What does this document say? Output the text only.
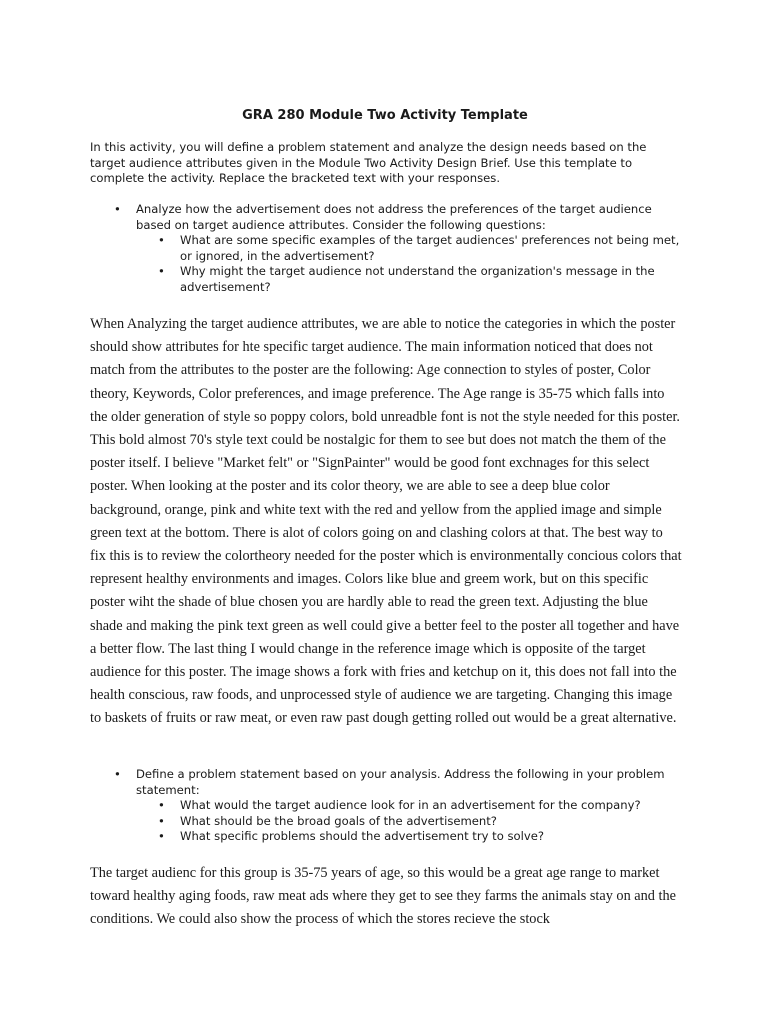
GRA 280 Module Two Activity Template

In this activity, you will define a problem statement and analyze the design needs based on the target audience attributes given in the Module Two Activity Design Brief. Use this template to complete the activity. Replace the bracketed text with your responses.

• Analyze how the advertisement does not address the preferences of the target audience based on target audience attributes. Consider the following questions:
• What are some specific examples of the target audiences' preferences not being met, or ignored, in the advertisement?
• Why might the target audience not understand the organization's message in the advertisement?

When Analyzing the target audience attributes, we are able to notice the categories in which the poster should show attributes for hte specific target audience. The main information noticed that does not match from the attributes to the poster are the following: Age connection to styles of poster, Color theory, Keywords, Color preferences, and image preference. The Age range is 35-75 which falls into the older generation of style so poppy colors, bold unreadble font is not the style needed for this poster. This bold almost 70's style text could be nostalgic for them to see but does not match the them of the poster itself. I believe "Market felt" or "SignPainter" would be good font exchnages for this select poster. When looking at the poster and its color theory, we are able to see a deep blue color background, orange, pink and white text with the red and yellow from the applied image and simple green text at the bottom. There is alot of colors going on and clashing colors at that. The best way to fix this is to review the colortheory needed for the poster which is environmentally concious colors that represent healthy environments and images. Colors like blue and greem work, but on this specific poster wiht the shade of blue chosen you are hardly able to read the green text. Adjusting the blue shade and making the pink text green as well could give a better feel to the poster all together and have a better flow. The last thing I would change in the reference image which is opposite of the target audience for this poster. The image shows a fork with fries and ketchup on it, this does not fall into the health conscious, raw foods, and unprocessed style of audience we are targeting. Changing this image to baskets of fruits or raw meat, or even raw past dough getting rolled out would be a great alternative.

• Define a problem statement based on your analysis. Address the following in your problem statement:
• What would the target audience look for in an advertisement for the company?
• What should be the broad goals of the advertisement?
• What specific problems should the advertisement try to solve?

The target audienc for this group is 35-75 years of age, so this would be a great age range to market toward healthy aging foods, raw meat ads where they get to see they farms the animals stay on and the conditions. We could also show the process of which the stores recieve the stock
